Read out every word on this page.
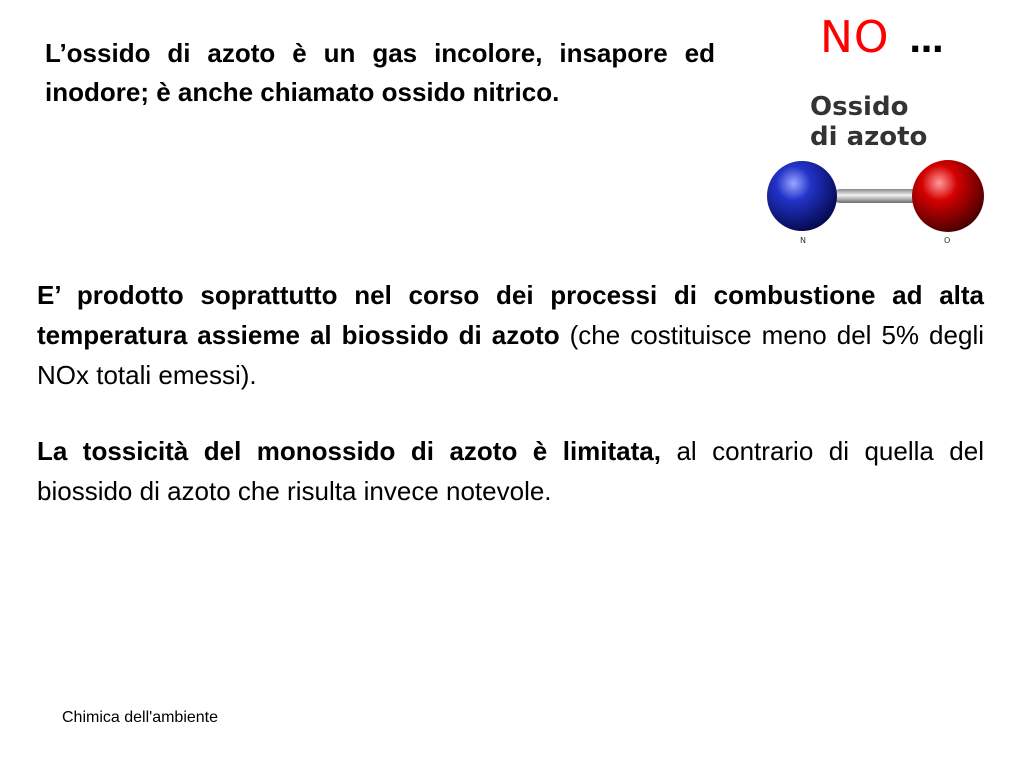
L’ossido di azoto è un gas incolore, insapore ed inodore; è anche chiamato ossido nitrico.

NO …
Ossido
di azoto
N	O

E’ prodotto soprattutto nel corso dei processi di combustione ad alta temperatura assieme al biossido di azoto (che costituisce meno del 5% degli NOx totali emessi).

La tossicità del monossido di azoto è limitata, al contrario di quella del biossido di azoto che risulta invece notevole.

Chimica dell'ambiente
